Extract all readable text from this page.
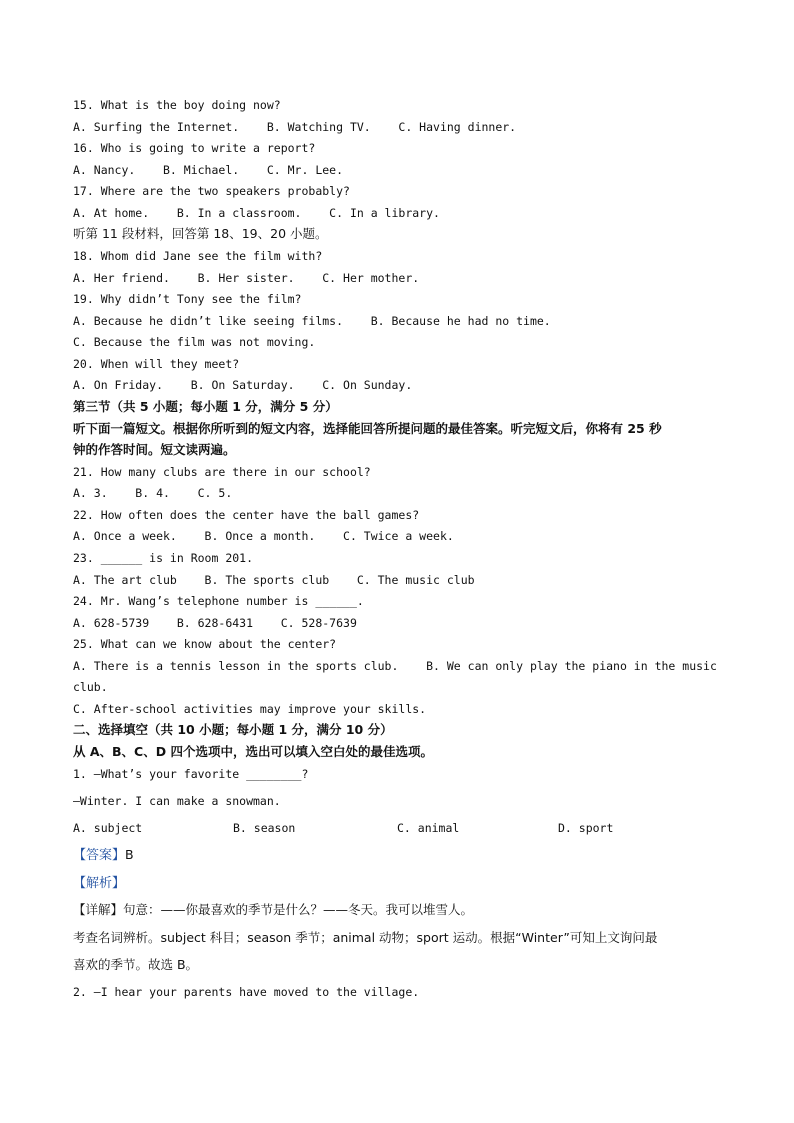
15. What is the boy doing now?
A. Surfing the Internet.    B. Watching TV.    C. Having dinner.
16. Who is going to write a report?
A. Nancy.    B. Michael.    C. Mr. Lee.
17. Where are the two speakers probably?
A. At home.    B. In a classroom.    C. In a library.
听第 11 段材料，回答第 18、19、20 小题。
18. Whom did Jane see the film with?
A. Her friend.    B. Her sister.    C. Her mother.
19. Why didn’t Tony see the film?
A. Because he didn’t like seeing films.    B. Because he had no time.
C. Because the film was not moving.
20. When will they meet?
A. On Friday.    B. On Saturday.    C. On Sunday.
第三节（共 5 小题；每小题 1 分，满分 5 分）
听下面一篇短文。根据你所听到的短文内容，选择能回答所提问题的最佳答案。听完短文后，你将有 25 秒
钟的作答时间。短文读两遍。
21. How many clubs are there in our school?
A. 3.    B. 4.    C. 5.
22. How often does the center have the ball games?
A. Once a week.    B. Once a month.    C. Twice a week.
23. ______ is in Room 201.
A. The art club    B. The sports club    C. The music club
24. Mr. Wang’s telephone number is ______.
A. 628-5739    B. 628-6431    C. 528-7639
25. What can we know about the center?
A. There is a tennis lesson in the sports club.    B. We can only play the piano in the music
club.
C. After-school activities may improve your skills.
二、选择填空（共 10 小题；每小题 1 分，满分 10 分）
从 A、B、C、D 四个选项中，选出可以填入空白处的最佳选项。
1. —What’s your favorite ________?
—Winter. I can make a snowman.
A. subject	B. season	C. animal	D. sport
【答案】B
【解析】
【详解】句意：——你最喜欢的季节是什么？——冬天。我可以堆雪人。
考查名词辨析。subject 科目；season 季节；animal 动物；sport 运动。根据“Winter”可知上文询问最
喜欢的季节。故选 B。
2. —I hear your parents have moved to the village.
